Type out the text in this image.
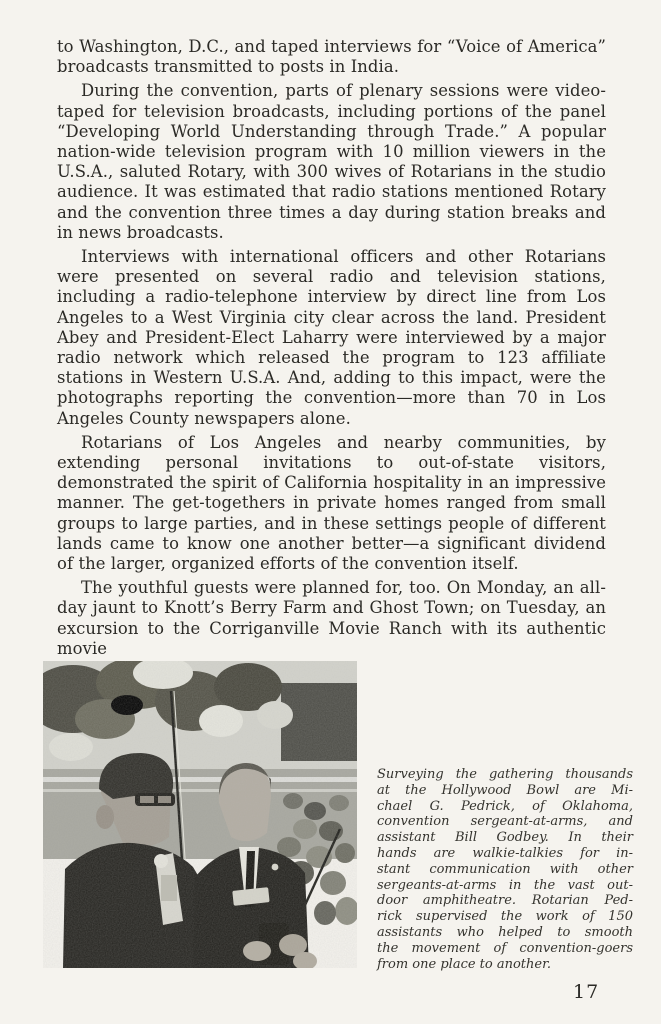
to Washington, D.C., and taped interviews for “Voice of America” broadcasts transmitted to posts in India.

During the convention, parts of plenary sessions were video-taped for television broadcasts, including portions of the panel “Developing World Understanding through Trade.” A popular nation-wide television program with 10 million viewers in the U.S.A., saluted Rotary, with 300 wives of Rotarians in the studio audience. It was estimated that radio stations mentioned Rotary and the convention three times a day during station breaks and in news broadcasts.

Interviews with international officers and other Rotarians were presented on several radio and television stations, including a radio-telephone interview by direct line from Los Angeles to a West Virginia city clear across the land. President Abey and President-Elect Laharry were interviewed by a major radio network which released the program to 123 affiliate stations in Western U.S.A. And, adding to this impact, were the photographs reporting the convention—more than 70 in Los Angeles County newspapers alone.

Rotarians of Los Angeles and nearby communities, by extending personal invitations to out-of-state visitors, demonstrated the spirit of California hospitality in an impressive manner. The get-togethers in private homes ranged from small groups to large parties, and in these settings people of different lands came to know one another better—a significant dividend of the larger, organized efforts of the convention itself.

The youthful guests were planned for, too. On Monday, an all-day jaunt to Knott’s Berry Farm and Ghost Town; on Tuesday, an excursion to the Corriganville Movie Ranch with its authentic movie

Surveying the gathering thousands
at the Hollywood Bowl are Mi-
chael G. Pedrick, of Oklahoma,
convention sergeant-at-arms, and
assistant Bill Godbey. In their
hands are walkie-talkies for in-
stant communication with other
sergeants-at-arms in the vast out-
door amphitheatre. Rotarian Ped-
rick supervised the work of 150
assistants who helped to smooth
the movement of convention-goers
from one place to another.
17
